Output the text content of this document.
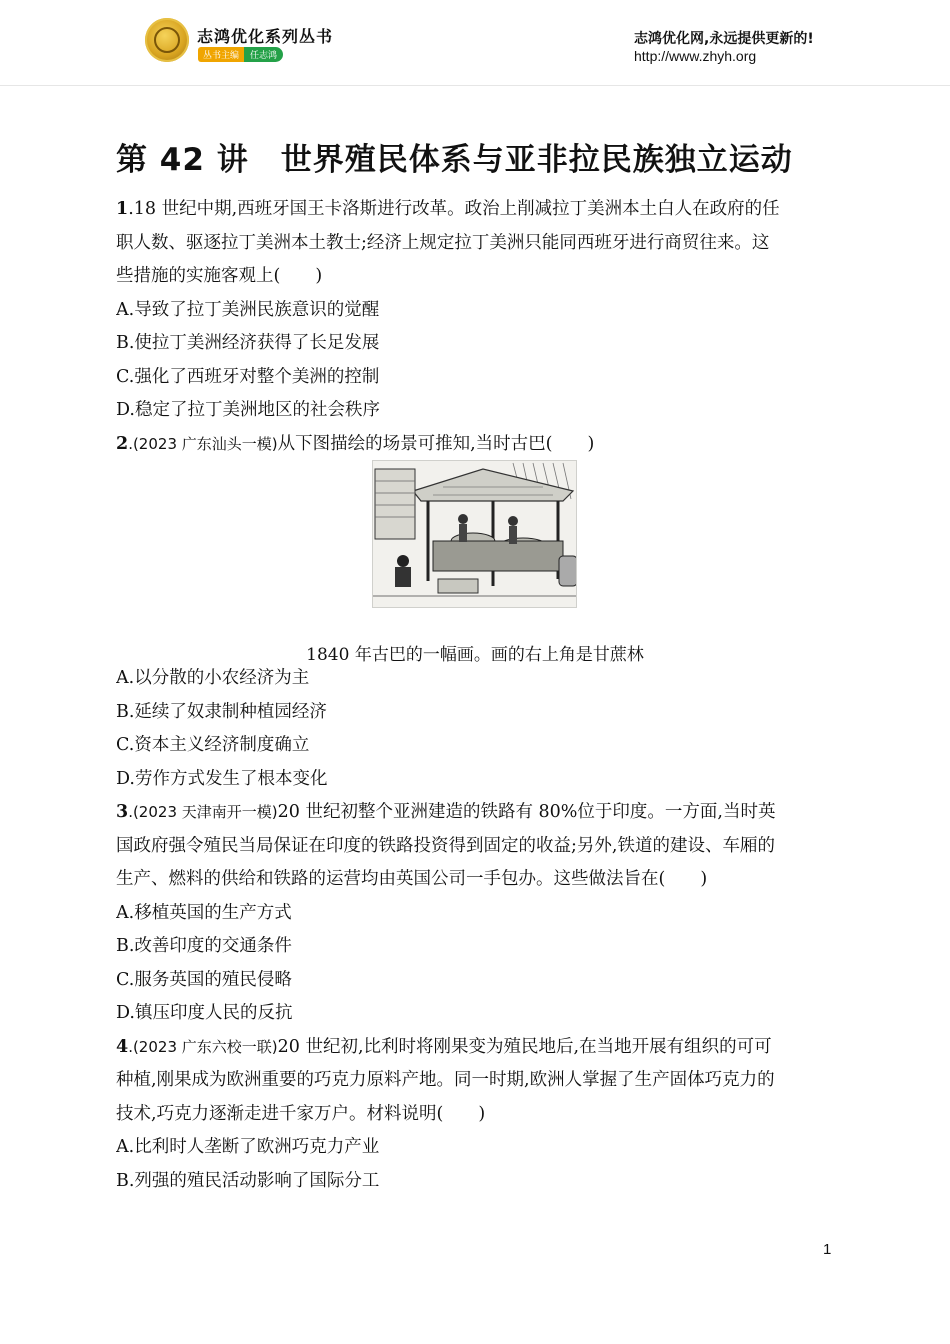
志鸿优化系列丛书
丛书主编	任志鸿
志鸿优化网,永远提供更新的!
http://www.zhyh.org
第 42 讲　世界殖民体系与亚非拉民族独立运动
1.18 世纪中期,西班牙国王卡洛斯进行改革。政治上削减拉丁美洲本土白人在政府的任
职人数、驱逐拉丁美洲本土教士;经济上规定拉丁美洲只能同西班牙进行商贸往来。这
些措施的实施客观上(　　)
A.导致了拉丁美洲民族意识的觉醒
B.使拉丁美洲经济获得了长足发展
C.强化了西班牙对整个美洲的控制
D.稳定了拉丁美洲地区的社会秩序
2.(2023 广东汕头一模)从下图描绘的场景可推知,当时古巴(　　)
A.以分散的小农经济为主
B.延续了奴隶制种植园经济
C.资本主义经济制度确立
D.劳作方式发生了根本变化
3.(2023 天津南开一模)20 世纪初整个亚洲建造的铁路有 80%位于印度。一方面,当时英
国政府强令殖民当局保证在印度的铁路投资得到固定的收益;另外,铁道的建设、车厢的
生产、燃料的供给和铁路的运营均由英国公司一手包办。这些做法旨在(　　)
A.移植英国的生产方式
B.改善印度的交通条件
C.服务英国的殖民侵略
D.镇压印度人民的反抗
4.(2023 广东六校一联)20 世纪初,比利时将刚果变为殖民地后,在当地开展有组织的可可
种植,刚果成为欧洲重要的巧克力原料产地。同一时期,欧洲人掌握了生产固体巧克力的
技术,巧克力逐渐走进千家万户。材料说明(　　)
A.比利时人垄断了欧洲巧克力产业
B.列强的殖民活动影响了国际分工
1840 年古巴的一幅画。画的右上角是甘蔗林
1
